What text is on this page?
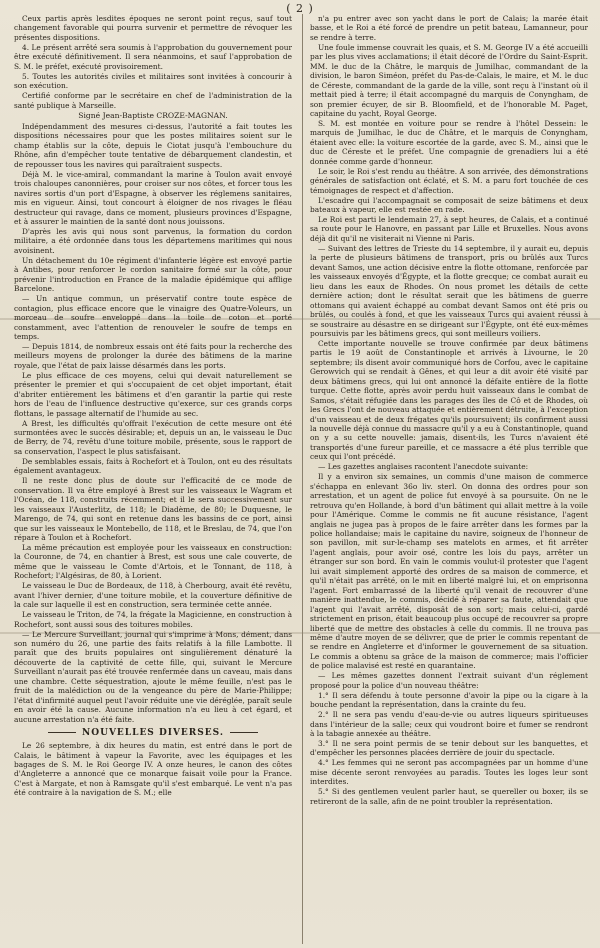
( 2 )

Ceux partis après lesdites époques ne seront point reçus, sauf tout changement favorable qui pourra survenir et permettre de révoquer les présentes dispositions.

4. Le présent arrêté sera soumis à l'approbation du gouvernement pour être exécuté définitivement. Il sera néanmoins, et sauf l'approbation de S. M. le préfet, exécuté provisoirement.

5. Toutes les autorités civiles et militaires sont invitées à concourir à son exécution.

Certifié conforme par le secrétaire en chef de l'administration de la santé publique à Marseille.

Signé Jean-Baptiste CROZE-MAGNAN.

Indépendamment des mesures ci-dessus, l'autorité a fait toutes les dispositions nécessaires pour que les postes militaires soient sur le champ établis sur la côte, depuis le Ciotat jusqu'à l'embouchure du Rhône, afin d'empêcher toute tentative de débarquement clandestin, et de repousser tous les navires qui paraîtraient suspects.

Déjà M. le vice-amiral, commandant la marine à Toulon avait envoyé trois chaloupes canonnières, pour croiser sur nos côtes, et forcer tous les navires sortis d'un port d'Espagne, à observer les réglemens sanitaires, mis en vigueur. Ainsi, tout concourt à éloigner de nos rivages le fléau destructeur qui ravage, dans ce moment, plusieurs provinces d'Espagne, et à assurer le maintien de la santé dont nous jouissons.

D'après les avis qui nous sont parvenus, la formation du cordon militaire, a été ordonnée dans tous les départemens maritimes qui nous avoisinent.

Un détachement du 10e régiment d'infanterie légère est envoyé partie à Antibes, pour renforcer le cordon sanitaire formé sur la côte, pour prévenir l'introduction en France de la maladie épidémique qui afflige Barcelone.

— Un antique commun, un préservatif contre toute espèce de contagion, plus efficace encore que le vinaigre des Quatre-Voleurs, un morceau de soufre enveloppé dans la toile de coton et porté constamment, avec l'attention de renouveler le soufre de temps en temps.

— Depuis 1814, de nombreux essais ont été faits pour la recherche des meilleurs moyens de prolonger la durée des bâtimens de la marine royale, que l'état de paix laisse désarmés dans les ports.

Le plus efficace de ces moyens, celui qui devait naturellement se présenter le premier et qui s'occupaient de cet objet important, était d'abriter entièrement les bâtimens et d'en garantir la partie qui reste hors de l'eau de l'influence destructive qu'exerce, sur ces grands corps flottans, le passage alternatif de l'humide au sec.

A Brest, les difficultés qu'offrait l'exécution de cette mesure ont été surmontées avec le succès désirable; et, depuis un an, le vaisseau le Duc de Berry, de 74, revêtu d'une toiture mobile, présente, sous le rapport de sa conservation, l'aspect le plus satisfaisant.

De semblables essais, faits à Rochefort et à Toulon, ont eu des résultats également avantageux.

Il ne reste donc plus de doute sur l'efficacité de ce mode de conservation. Il va être employé à Brest sur les vaisseaux le Wagram et l'Océan, de 118, construits récemment; et il le sera successivement sur les vaisseaux l'Austerlitz, de 118; le Diadème, de 80; le Duquesne, le Marengo, de 74, qui sont en retenue dans les bassins de ce port, ainsi que sur les vaisseaux le Montebello, de 118, et le Breslau, de 74, que l'on répare à Toulon et à Rochefort.

La même précaution est employée pour les vaisseaux en construction: la Couronne, de 74, en chantier à Brest, est sous une cale couverte, de même que le vaisseau le Comte d'Artois, et le Tonnant, de 118, à Rochefort; l'Algésiras, de 80, à Lorient.

Le vaisseau le Duc de Bordeaux, de 118, à Cherbourg, avait été revêtu, avant l'hiver dernier, d'une toiture mobile, et la couverture définitive de la cale sur laquelle il est en construction, sera terminée cette année.

Le vaisseau le Triton, de 74, la frégate la Magicienne, en construction à Rochefort, sont aussi sous des toitures mobiles.

— Le Mercure Surveillant, journal qui s'imprime à Mons, dément, dans son numéro du 26, une partie des faits relatifs à la fille Lambotte. Il paraît que des bruits populaires ont singulièrement dénaturé la découverte de la captivité de cette fille, qui, suivant le Mercure Surveillant n'aurait pas été trouvée renfermée dans un caveau, mais dans une chambre. Cette séquestration, ajoute le même feuille, n'est pas le fruit de la malédiction ou de la vengeance du père de Marie-Philippe; l'état d'infirmité auquel peut l'avoir réduite une vie déréglée, paraît seule en avoir été la cause. Aucune information n'a eu lieu à cet égard, et aucune arrestation n'a été faite.

NOUVELLES DIVERSES.

Le 26 septembre, à dix heures du matin, est entré dans le port de Calais, le bâtiment à vapeur la Favorite, avec les équipages et les bagages de S. M. le Roi George IV. A onze heures, le canon des côtes d'Angleterre a annoncé que ce monarque faisait voile pour la France. C'est à Margate, et non à Ramsgate qu'il s'est embarqué. Le vent n'a pas été contraire à la navigation de S. M.; elle

n'a pu entrer avec son yacht dans le port de Calais; la marée était basse, et le Roi a été forcé de prendre un petit bateau, Lamanneur, pour se rendre à terre.

Une foule immense couvrait les quais, et S. M. George IV a été accueilli par les plus vives acclamations; il était décoré de l'Ordre du Saint-Esprit. MM. le duc de la Châtre, le marquis de Jumilhac, commandant de la division, le baron Siméon, préfet du Pas-de-Calais, le maire, et M. le duc de Céreste, commandant de la garde de la ville, sont reçu à l'instant où il mettait pied à terre; il était accompagné du marquis de Conyngham, de son premier écuyer, de sir B. Bloomfield, et de l'honorable M. Paget, capitaine du yacht, Royal George.

S. M. est montée en voiture pour se rendre à l'hôtel Dessein: le marquis de Jumilhac, le duc de Châtre, et le marquis de Conyngham, étaient avec elle: la voiture escortée de la garde, avec S. M., ainsi que le duc de Céreste et le préfet. Une compagnie de grenadiers lui a été donnée comme garde d'honneur.

Le soir, le Roi s'est rendu au théâtre. A son arrivée, des démonstrations générales de satisfaction ont éclaté, et S. M. a paru fort touchée de ces témoignages de respect et d'affection.

L'escadre qui l'accompagnait se composait de seize bâtimens et deux bateaux à vapeur, elle est restée en rade.

Le Roi est parti le lendemain 27, à sept heures, de Calais, et a continué sa route pour le Hanovre, en passant par Lille et Bruxelles. Nous avons déjà dit qu'il ne visiterait ni Vienne ni Paris.

— Suivant des lettres de Trieste du 14 septembre, il y aurait eu, depuis la perte de plusieurs bâtimens de transport, pris ou brûlés aux Turcs devant Samos, une action décisive entre la flotte ottomane, renforcée par les vaisseaux envoyés d'Égypte, et la flotte grecque; ce combat aurait eu lieu dans les eaux de Rhodes. On nous promet les détails de cette dernière action; dont le résultat serait que les bâtimens de guerre ottomans qui avaient échappé au combat devant Samos ont été pris ou brûlés, ou coulés à fond, et que les vaisseaux Turcs qui avaient réussi à se soustraire au désastre en se dirigeant sur l'Égypte, ont été eux-mêmes poursuivis par les bâtimens grecs, qui sont meilleurs voiliers.

Cette importante nouvelle se trouve confirmée par deux bâtimens partis le 19 août de Constantinople et arrivés à Livourne, le 20 septembre; ils disent avoir communiqué hors de Corfou, avec le capitaine Gerowvich qui se rendait à Gênes, et qui leur a dit avoir été visité par deux bâtimens grecs, qui lui ont annoncé la défaite entière de la flotte turque. Cette flotte, après avoir perdu huit vaisseaux dans le combat de Samos, s'était réfugiée dans les parages des îles de Cô et de Rhodes, où les Grecs l'ont de nouveau attaquée et entièrement détruite, à l'exception d'un vaisseau et de deux frégates qu'ils poursuivent; ils confirment aussi la nouvelle déjà connue du massacre qu'il y a eu à Constantinople, quand on y a su cette nouvelle: jamais, disent-ils, les Turcs n'avaient été transportés d'une fureur pareille, et ce massacre a été plus terrible que ceux qui l'ont précédé.

— Les gazettes anglaises racontent l'anecdote suivante:

Il y a environ six semaines, un commis d'une maison de commerce s'échappa en enlevant 36o liv. sterl. On donna des ordres pour son arrestation, et un agent de police fut envoyé à sa poursuite. On ne le retrouva qu'en Hollande, à bord d'un bâtiment qui allait mettre à la voile pour l'Amérique. Comme le commis ne fit aucune résistance, l'agent anglais ne jugea pas à propos de le faire arrêter dans les formes par la police hollandaise; mais le capitaine du navire, soigneux de l'honneur de son pavillon, mit sur-le-champ ses matelots en armes, et fit arrêter l'agent anglais, pour avoir osé, contre les lois du pays, arrêter un étranger sur son bord. En vain le commis voulut-il protester que l'agent lui avait simplement apporté des ordres de sa maison de commerce, et qu'il n'était pas arrêté, on le mit en liberté malgré lui, et on emprisonna l'agent. Fort embarrassé de la liberté qu'il venait de recouvrer d'une manière inattendue, le commis, décidé à réparer sa faute, attendait que l'agent qui l'avait arrêté, disposât de son sort; mais celui-ci, gardé strictement en prison, était beaucoup plus occupé de recouvrer sa propre liberté que de mettre des obstacles à celle du commis. Il ne trouva pas même d'autre moyen de se délivrer, que de prier le commis repentant de se rendre en Angleterre et d'informer le gouvernement de sa situation. Le commis a obtenu sa grâce de la maison de commerce; mais l'officier de police malavisé est resté en quarantaine.

— Les mêmes gazettes donnent l'extrait suivant d'un réglement proposé pour la police d'un nouveau théâtre:

1.° Il sera défendu à toute personne d'avoir la pipe ou la cigare à la bouche pendant la représentation, dans la crainte du feu.

2.° Il ne sera pas vendu d'eau-de-vie ou autres liqueurs spiritueuses dans l'intérieur de la salle; ceux qui voudront boire et fumer se rendront à la tabagie annexée au théâtre.

3.° Il ne sera point permis de se tenir debout sur les banquettes, et d'empêcher les personnes placées derrière de jouir du spectacle.

4.° Les femmes qui ne seront pas accompagnées par un homme d'une mise décente seront renvoyées au paradis. Toutes les loges leur sont interdites.

5.° Si des gentlemen veulent parler haut, se quereller ou boxer, ils se retireront de la salle, afin de ne point troubler la représentation.
